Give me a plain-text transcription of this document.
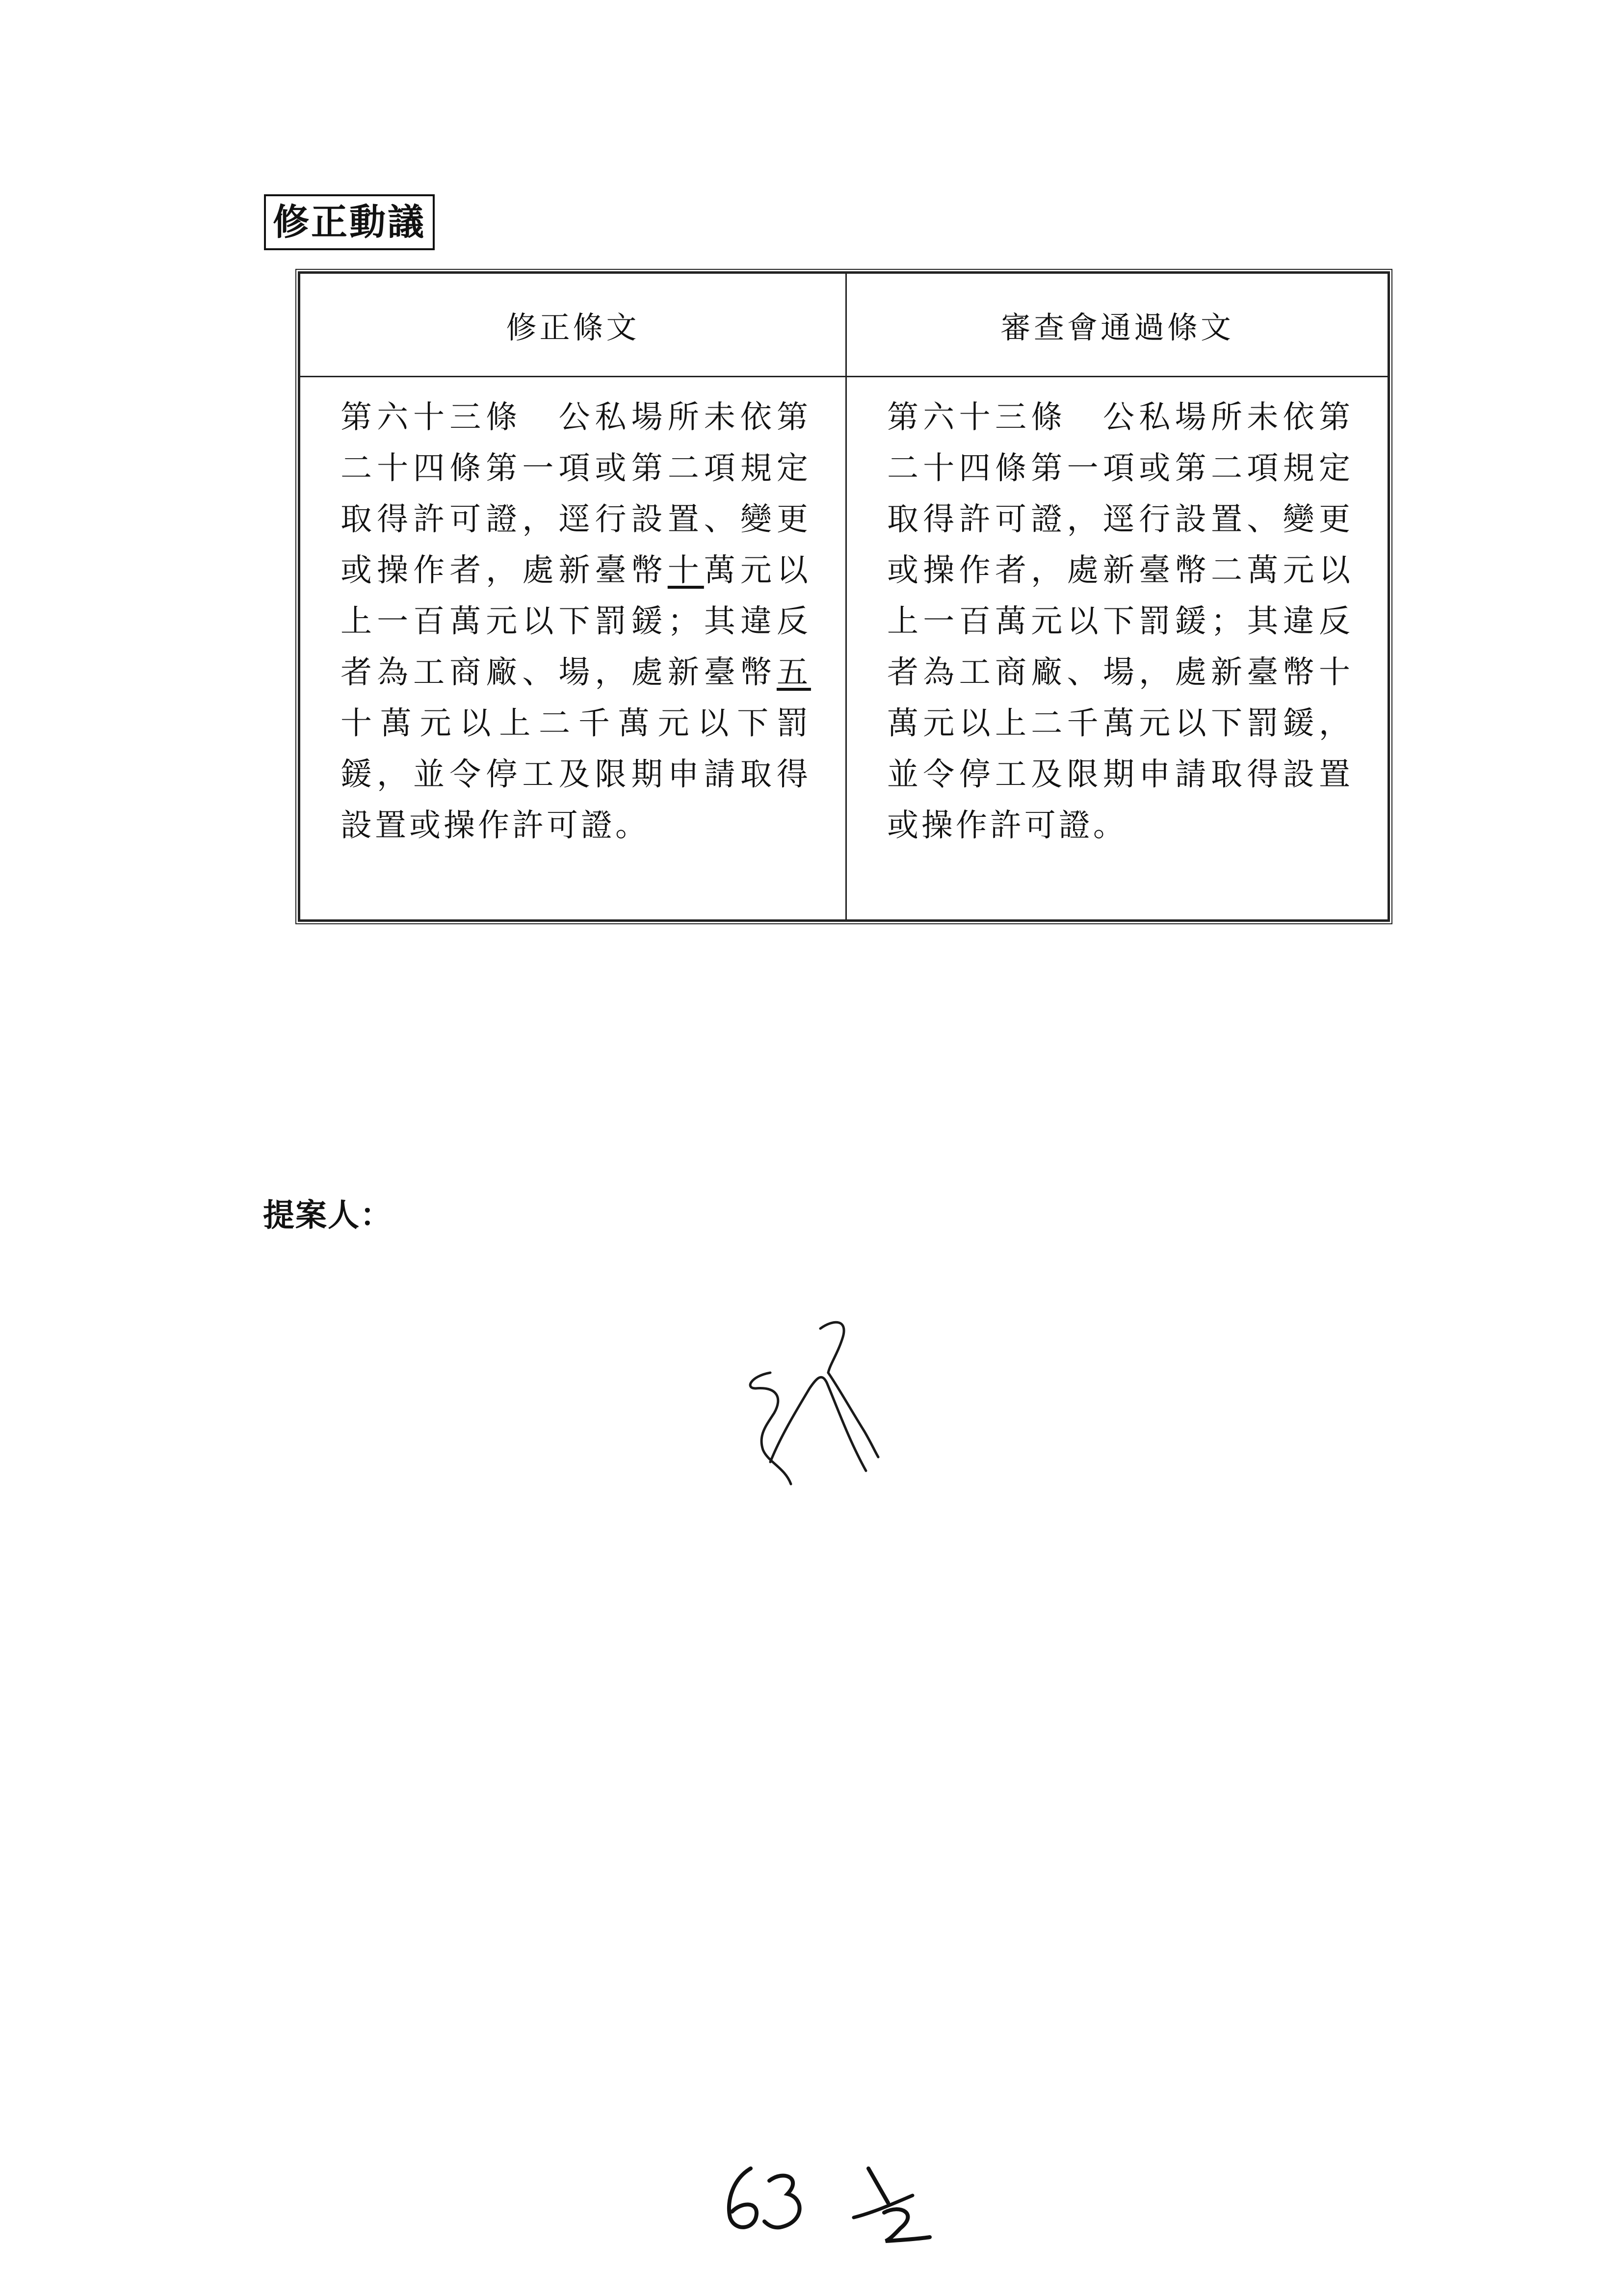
修正動議
修正條文	審查會通過條文
第六十三條　公私場所未依第二十四條第一項或第二項規定取得許可證，逕行設置、變更或操作者，處新臺幣十萬元以上一百萬元以下罰鍰；其違反者為工商廠、場，處新臺幣五十萬元以上二千萬元以下罰鍰，並令停工及限期申請取得設置或操作許可證。	第六十三條　公私場所未依第二十四條第一項或第二項規定取得許可證，逕行設置、變更或操作者，處新臺幣二萬元以上一百萬元以下罰鍰；其違反者為工商廠、場，處新臺幣十萬元以上二千萬元以下罰鍰，並令停工及限期申請取得設置或操作許可證。
提案人：
